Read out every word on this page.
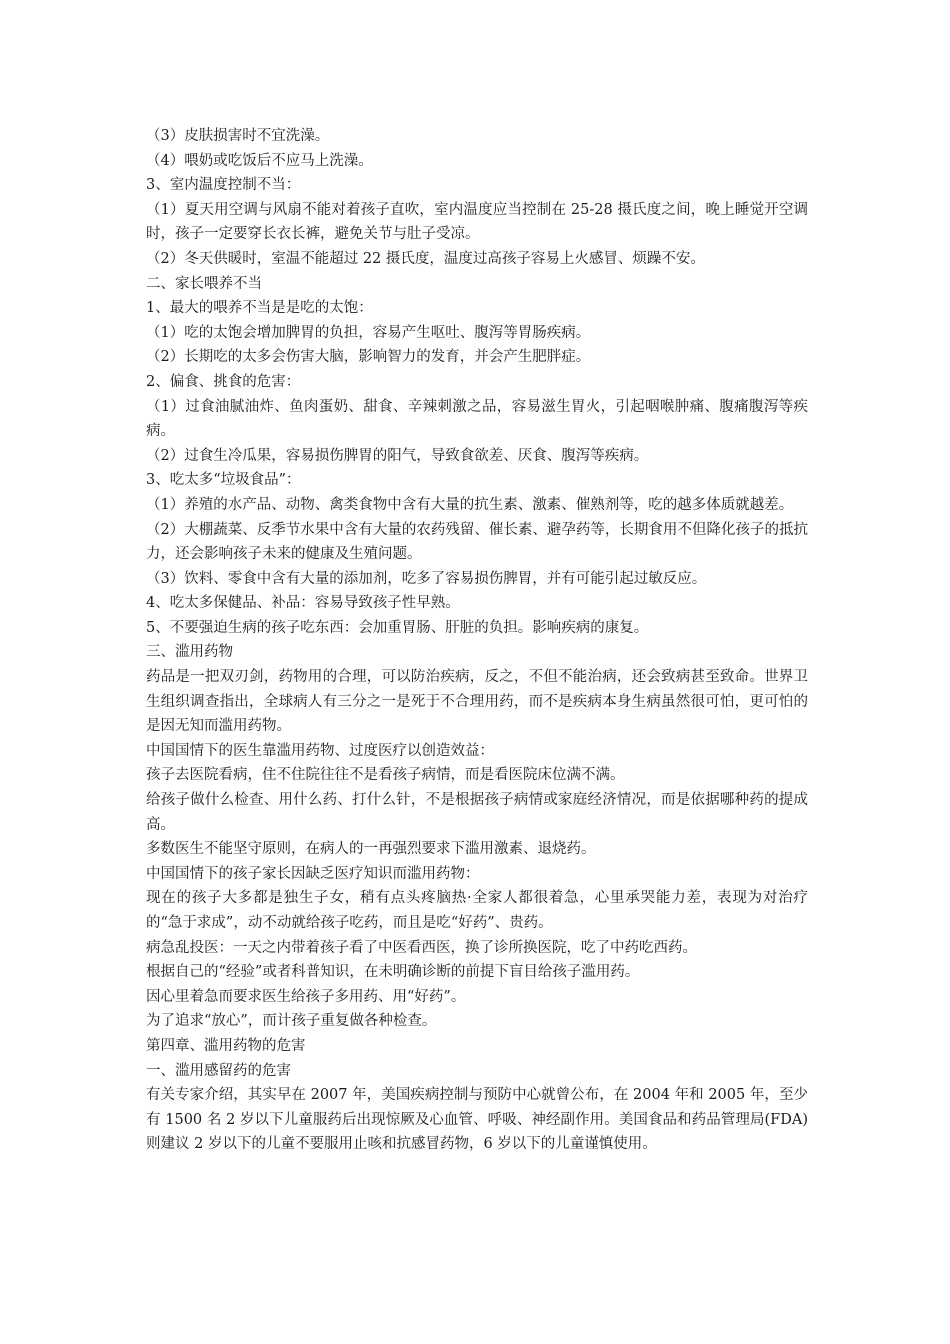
（3）皮肤损害时不宜洗澡。

（4）喂奶或吃饭后不应马上洗澡。

3、室内温度控制不当：

（1）夏天用空调与风扇不能对着孩子直吹，室内温度应当控制在 25-28 摄氏度之间，晚上睡觉开空调时，孩子一定要穿长衣长裤，避免关节与肚子受凉。

（2）冬天供暖时，室温不能超过 22 摄氏度，温度过高孩子容易上火感冒、烦躁不安。

二、家长喂养不当

1、最大的喂养不当是是吃的太饱：

（1）吃的太饱会增加脾胃的负担，容易产生呕吐、腹泻等胃肠疾病。

（2）长期吃的太多会伤害大脑，影响智力的发育，并会产生肥胖症。

2、偏食、挑食的危害：

（1）过食油腻油炸、鱼肉蛋奶、甜食、辛辣刺激之品，容易滋生胃火，引起咽喉肿痛、腹痛腹泻等疾病。

（2）过食生冷瓜果，容易损伤脾胃的阳气，导致食欲差、厌食、腹泻等疾病。

3、吃太多“垃圾食品”：

（1）养殖的水产品、动物、禽类食物中含有大量的抗生素、激素、催熟剂等，吃的越多体质就越差。

（2）大棚蔬菜、反季节水果中含有大量的农药残留、催长素、避孕药等，长期食用不但降化孩子的抵抗力，还会影响孩子未来的健康及生殖问题。

（3）饮料、零食中含有大量的添加剂，吃多了容易损伤脾胃，并有可能引起过敏反应。

4、吃太多保健品、补品：容易导致孩子性早熟。

5、不要强迫生病的孩子吃东西：会加重胃肠、肝脏的负担。影响疾病的康复。

三、滥用药物

药品是一把双刃剑，药物用的合理，可以防治疾病，反之，不但不能治病，还会致病甚至致命。世界卫生组织调查指出，全球病人有三分之一是死于不合理用药，而不是疾病本身生病虽然很可怕，更可怕的是因无知而滥用药物。

中国国情下的医生靠滥用药物、过度医疗以创造效益：

孩子去医院看病，住不住院往往不是看孩子病情，而是看医院床位满不满。

给孩子做什么检查、用什么药、打什么针，不是根据孩子病情或家庭经济情况，而是依据哪种药的提成高。

多数医生不能坚守原则，在病人的一再强烈要求下滥用激素、退烧药。

中国国情下的孩子家长因缺乏医疗知识而滥用药物：

现在的孩子大多都是独生子女，稍有点头疼脑热·全家人都很着急，心里承哭能力差，表现为对治疗的“急于求成”，动不动就给孩子吃药，而且是吃“好药”、贵药。

病急乱投医：一天之内带着孩子看了中医看西医，换了诊所换医院，吃了中药吃西药。

根据自己的“经验”或者科普知识，在未明确诊断的前提下盲目给孩子滥用药。

因心里着急而要求医生给孩子多用药、用“好药”。

为了追求“放心”，而计孩子重复做各种检查。

第四章、滥用药物的危害

一、滥用感留药的危害

有关专家介绍，其实早在 2007 年，美国疾病控制与预防中心就曾公布，在 2004 年和 2005 年，至少有 1500 名 2 岁以下儿童服药后出现惊厥及心血管、呼吸、神经副作用。美国食品和药品管理局(FDA)则建议 2 岁以下的儿童不要服用止咳和抗感冒药物，6 岁以下的儿童谨慎使用。
